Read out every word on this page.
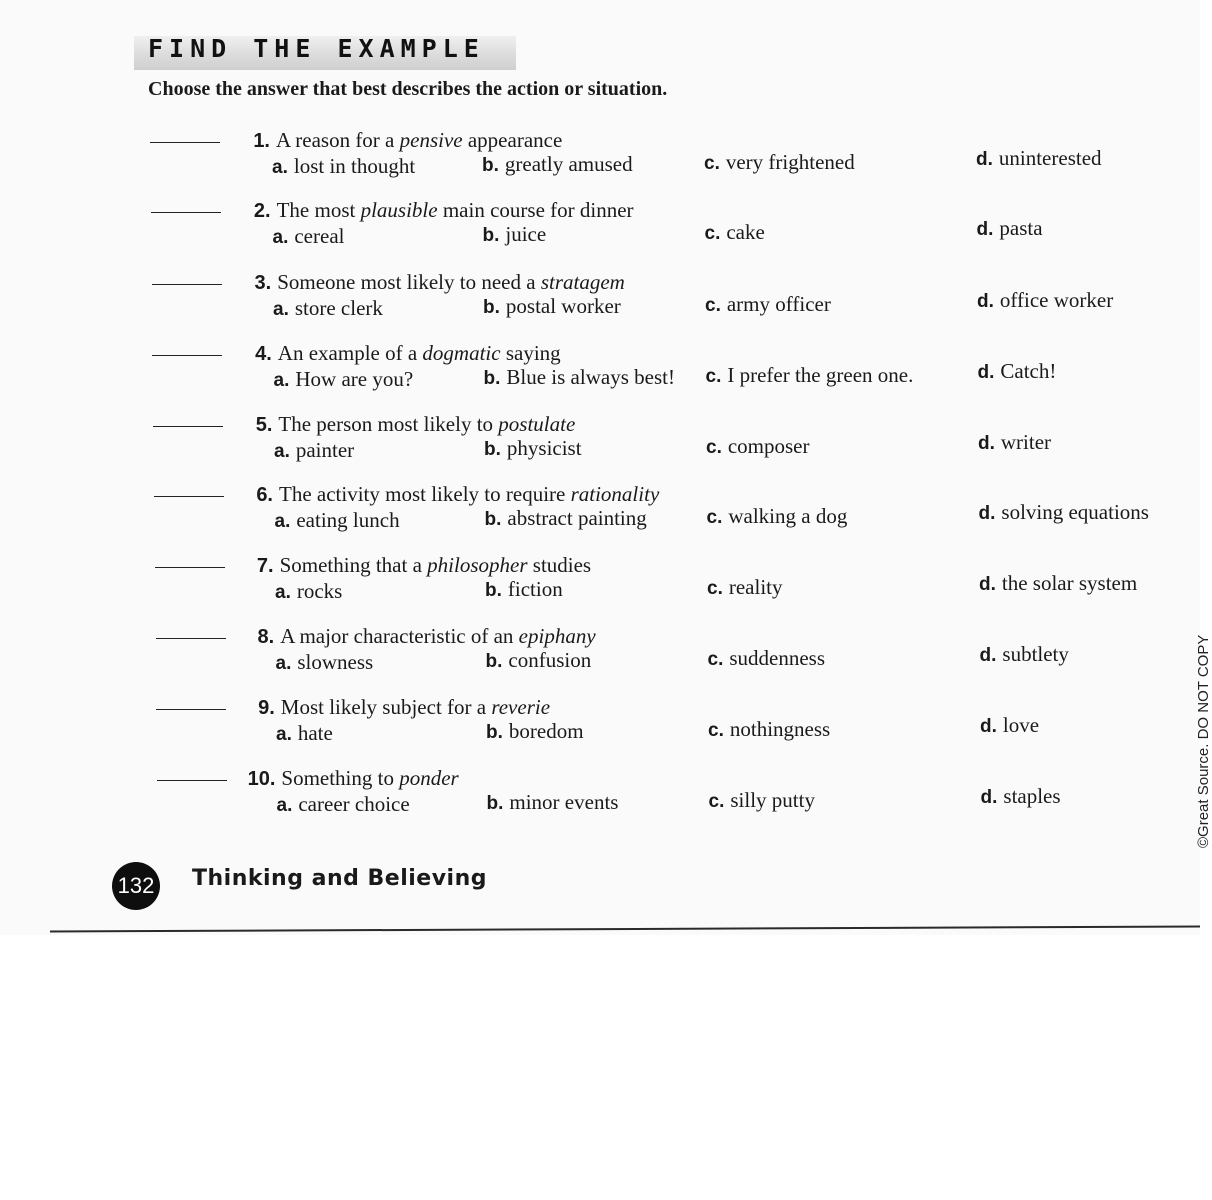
FIND THE EXAMPLE
Choose the answer that best describes the action or situation.
1. A reason for a pensive appearance
a. lost in thought	b. greatly amused	c. very frightened	d. uninterested
2. The most plausible main course for dinner
a. cereal	b. juice	c. cake	d. pasta
3. Someone most likely to need a stratagem
a. store clerk	b. postal worker	c. army officer	d. office worker
4. An example of a dogmatic saying
a. How are you?	b. Blue is always best! c. I prefer the green one.	d. Catch!
5. The person most likely to postulate
a. painter	b. physicist	c. composer	d. writer
6. The activity most likely to require rationality
a. eating lunch	b. abstract painting	c. walking a dog	d. solving equations
7. Something that a philosopher studies
a. rocks	b. fiction	c. reality	d. the solar system
8. A major characteristic of an epiphany
a. slowness	b. confusion	c. suddenness	d. subtlety
9. Most likely subject for a reverie
a. hate	b. boredom	c. nothingness	d. love
10. Something to ponder
a. career choice	b. minor events	c. silly putty	d. staples
132 Thinking and Believing
©Great Source. DO NOT COPY
